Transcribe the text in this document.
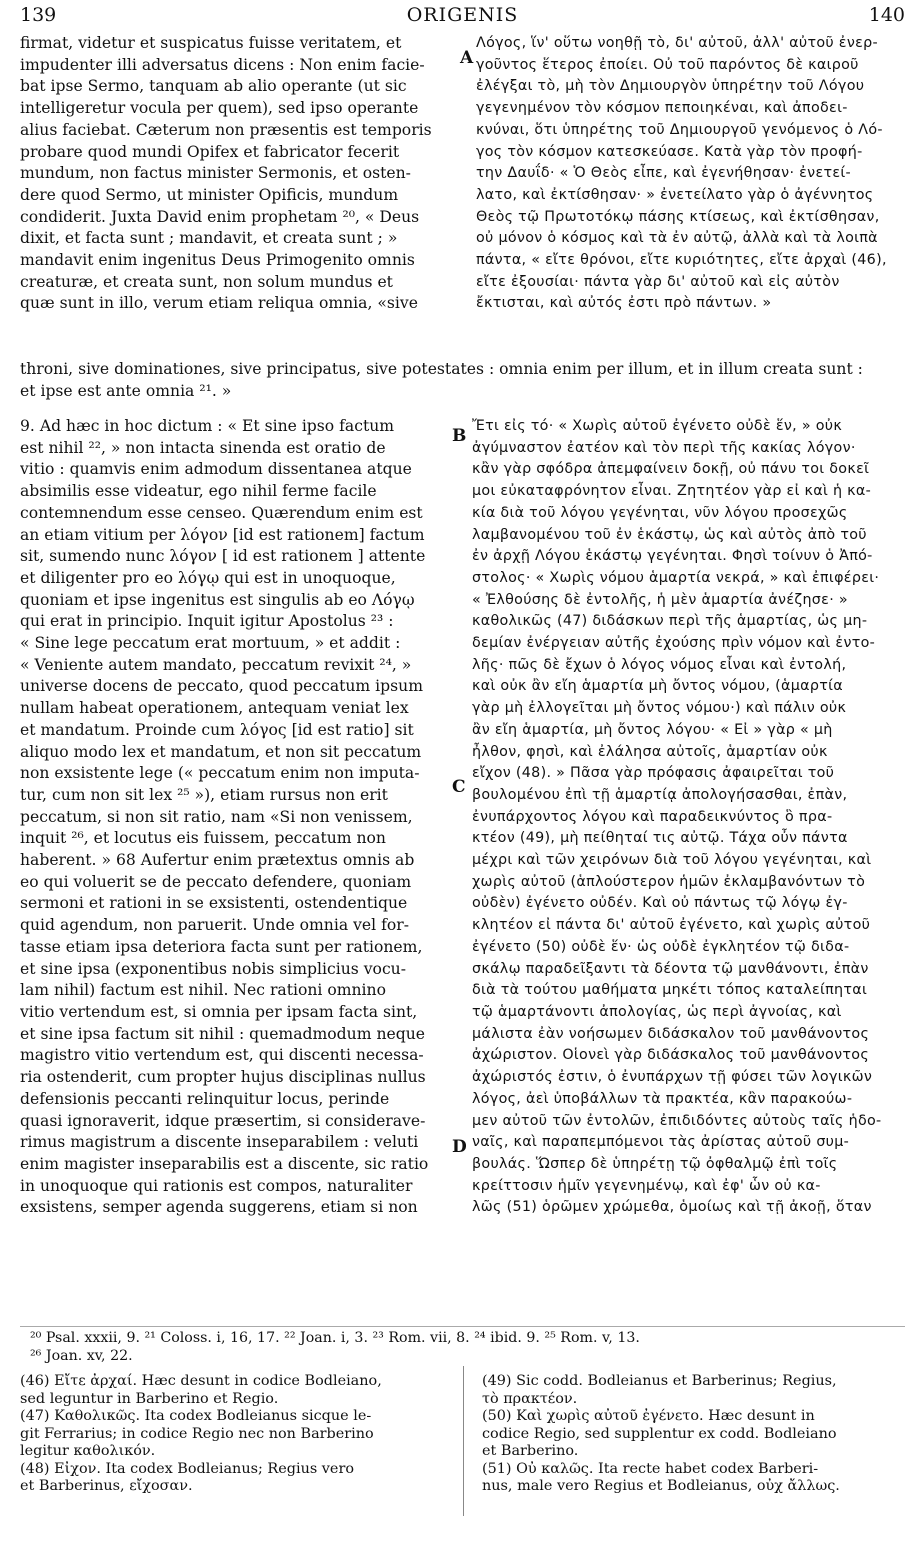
139	ORIGENIS	140
firmat, videtur et suspicatus fuisse veritatem, et
impudenter illi adversatus dicens : Non enim facie-
bat ipse Sermo, tanquam ab alio operante (ut sic
intelligeretur vocula per quem), sed ipso operante
alius faciebat. Cæterum non præsentis est temporis
probare quod mundi Opifex et fabricator fecerit
mundum, non factus minister Sermonis, et osten-
dere quod Sermo, ut minister Opificis, mundum
condiderit. Juxta David enim prophetam ²⁰, « Deus
dixit, et facta sunt ; mandavit, et creata sunt ; »
mandavit enim ingenitus Deus Primogenito omnis
creaturæ, et creata sunt, non solum mundus et
quæ sunt in illo, verum etiam reliqua omnia, «sive
Λόγος, ἵν' οὕτω νοηθῇ τὸ, δι' αὐτοῦ, ἀλλ' αὐτοῦ ἐνερ-
γοῦντος ἕτερος ἐποίει. Οὐ τοῦ παρόντος δὲ καιροῦ
ἐλέγξαι τὸ, μὴ τὸν Δημιουργὸν ὑπηρέτην τοῦ Λόγου
γεγενημένον τὸν κόσμον πεποιηκέναι, καὶ ἀποδει-
κνύναι, ὅτι ὑπηρέτης τοῦ Δημιουργοῦ γενόμενος ὁ Λό-
γος τὸν κόσμον κατεσκεύασε. Κατὰ γὰρ τὸν προφή-
την Δαυΐδ· « Ὁ Θεὸς εἶπε, καὶ ἐγενήθησαν· ἐνετεί-
λατο, καὶ ἐκτίσθησαν· » ἐνετείλατο γὰρ ὁ ἀγέννητος
Θεὸς τῷ Πρωτοτόκῳ πάσης κτίσεως, καὶ ἐκτίσθησαν,
οὐ μόνον ὁ κόσμος καὶ τὰ ἐν αὐτῷ, ἀλλὰ καὶ τὰ λοιπὰ
πάντα, « εἴτε θρόνοι, εἴτε κυριότητες, εἴτε ἀρχαὶ (46),
εἴτε ἐξουσίαι· πάντα γὰρ δι' αὐτοῦ καὶ εἰς αὐτὸν
ἔκτισται, καὶ αὐτός ἐστι πρὸ πάντων. »
throni, sive dominationes, sive principatus, sive potestates : omnia enim per illum, et in illum creata sunt :
et ipse est ante omnia ²¹. »
9. Ad hæc in hoc dictum : « Et sine ipso factum
est nihil ²², » non intacta sinenda est oratio de
vitio : quamvis enim admodum dissentanea atque
absimilis esse videatur, ego nihil ferme facile
contemnendum esse censeo. Quærendum enim est
an etiam vitium per λόγον [id est rationem] factum
sit, sumendo nunc λόγον [ id est rationem ] attente
et diligenter pro eo λόγῳ qui est in unoquoque,
quoniam et ipse ingenitus est singulis ab eo Λόγῳ
qui erat in principio. Inquit igitur Apostolus ²³ :
« Sine lege peccatum erat mortuum, » et addit :
« Veniente autem mandato, peccatum revixit ²⁴, »
universe docens de peccato, quod peccatum ipsum
nullam habeat operationem, antequam veniat lex
et mandatum. Proinde cum λόγος [id est ratio] sit
aliquo modo lex et mandatum, et non sit peccatum
non exsistente lege (« peccatum enim non imputa-
tur, cum non sit lex ²⁵ »), etiam rursus non erit
peccatum, si non sit ratio, nam «Si non venissem,
inquit ²⁶, et locutus eis fuissem, peccatum non
haberent. » 68 Aufertur enim prætextus omnis ab
eo qui voluerit se de peccato defendere, quoniam
sermoni et rationi in se exsistenti, ostendentique
quid agendum, non paruerit. Unde omnia vel for-
tasse etiam ipsa deteriora facta sunt per rationem,
et sine ipsa (exponentibus nobis simplicius vocu-
lam nihil) factum est nihil. Nec rationi omnino
vitio vertendum est, si omnia per ipsam facta sint,
et sine ipsa factum sit nihil : quemadmodum neque
magistro vitio vertendum est, qui discenti necessa-
ria ostenderit, cum propter hujus disciplinas nullus
defensionis peccanti relinquitur locus, perinde
quasi ignoraverit, idque præsertim, si considerave-
rimus magistrum a discente inseparabilem : veluti
enim magister inseparabilis est a discente, sic ratio
in unoquoque qui rationis est compos, naturaliter
exsistens, semper agenda suggerens, etiam si non
Ἔτι εἰς τό· « Χωρὶς αὐτοῦ ἐγένετο οὐδὲ ἕν, » οὐκ
ἀγύμναστον ἐατέον καὶ τὸν περὶ τῆς κακίας λόγον·
κἂν γὰρ σφόδρα ἀπεμφαίνειν δοκῇ, οὐ πάνυ τοι δοκεῖ
μοι εὐκαταφρόνητον εἶναι. Ζητητέον γὰρ εἰ καὶ ἡ κα-
κία διὰ τοῦ λόγου γεγένηται, νῦν λόγου προσεχῶς
λαμβανομένου τοῦ ἐν ἑκάστῳ, ὡς καὶ αὐτὸς ἀπὸ τοῦ
ἐν ἀρχῇ Λόγου ἑκάστῳ γεγένηται. Φησὶ τοίνυν ὁ Ἀπό-
στολος· « Χωρὶς νόμου ἁμαρτία νεκρά, » καὶ ἐπιφέρει·
« Ἐλθούσης δὲ ἐντολῆς, ἡ μὲν ἁμαρτία ἀνέζησε· »
καθολικῶς (47) διδάσκων περὶ τῆς ἁμαρτίας, ὡς μη-
δεμίαν ἐνέργειαν αὐτῆς ἐχούσης πρὶν νόμον καὶ ἐντο-
λῆς· πῶς δὲ ἔχων ὁ λόγος νόμος εἶναι καὶ ἐντολή,
καὶ οὐκ ἂν εἴη ἁμαρτία μὴ ὄντος νόμου, (ἁμαρτία
γὰρ μὴ ἐλλογεῖται μὴ ὄντος νόμου·) καὶ πάλιν οὐκ
ἂν εἴη ἁμαρτία, μὴ ὄντος λόγου· « Εἰ » γὰρ « μὴ
ἦλθον, φησὶ, καὶ ἐλάλησα αὐτοῖς, ἁμαρτίαν οὐκ
εἴχον (48). » Πᾶσα γὰρ πρόφασις ἀφαιρεῖται τοῦ
βουλομένου ἐπὶ τῇ ἁμαρτίᾳ ἀπολογήσασθαι, ἐπὰν,
ἐνυπάρχοντος λόγου καὶ παραδεικνύντος ὃ πρα-
κτέον (49), μὴ πείθηταί τις αὐτῷ. Τάχα οὖν πάντα
μέχρι καὶ τῶν χειρόνων διὰ τοῦ λόγου γεγένηται, καὶ
χωρὶς αὐτοῦ (ἁπλούστερον ἡμῶν ἐκλαμβανόντων τὸ
οὐδὲν) ἐγένετο οὐδέν. Καὶ οὐ πάντως τῷ λόγῳ ἐγ-
κλητέον εἰ πάντα δι' αὐτοῦ ἐγένετο, καὶ χωρὶς αὐτοῦ
ἐγένετο (50) οὐδὲ ἕν· ὡς οὐδὲ ἐγκλητέον τῷ διδα-
σκάλῳ παραδεῖξαντι τὰ δέοντα τῷ μανθάνοντι, ἐπὰν
διὰ τὰ τούτου μαθήματα μηκέτι τόπος καταλείπηται
τῷ ἁμαρτάνοντι ἀπολογίας, ὡς περὶ ἀγνοίας, καὶ
μάλιστα ἐὰν νοήσωμεν διδάσκαλον τοῦ μανθάνοντος
ἀχώριστον. Οἱονεὶ γὰρ διδάσκαλος τοῦ μανθάνοντος
ἀχώριστός ἐστιν, ὁ ἐνυπάρχων τῇ φύσει τῶν λογικῶν
λόγος, ἀεὶ ὑποβάλλων τὰ πρακτέα, κἂν παρακούω-
μεν αὐτοῦ τῶν ἐντολῶν, ἐπιδιδόντες αὐτοὺς ταῖς ἡδο-
ναῖς, καὶ παραπεμπόμενοι τὰς ἀρίστας αὐτοῦ συμ-
βουλάς. Ὥσπερ δὲ ὑπηρέτῃ τῷ ὀφθαλμῷ ἐπὶ τοῖς
κρείττοσιν ἡμῖν γεγενημένῳ, καὶ ἐφ' ὧν οὐ κα-
λῶς (51) ὁρῶμεν χρώμεθα, ὁμοίως καὶ τῇ ἀκοῇ, ὅταν
A
B
C
D
²⁰ Psal. xxxii, 9. ²¹ Coloss. i, 16, 17. ²² Joan. i, 3. ²³ Rom. vii, 8. ²⁴ ibid. 9. ²⁵ Rom. v, 13.
²⁶ Joan. xv, 22.
(46) Εἴτε ἀρχαί. Hæc desunt in codice Bodleiano,
sed leguntur in Barberino et Regio.
(47) Καθολικῶς. Ita codex Bodleianus sicque le-
git Ferrarius; in codice Regio nec non Barberino
legitur καθολικόν.
(48) Εἶχον. Ita codex Bodleianus; Regius vero
et Barberinus, εἴχοσαν.
(49) Sic codd. Bodleianus et Barberinus; Regius,
τὸ πρακτέον.
(50) Καὶ χωρὶς αὐτοῦ ἐγένετο. Hæc desunt in
codice Regio, sed supplentur ex codd. Bodleiano
et Barberino.
(51) Οὐ καλῶς. Ita recte habet codex Barberi-
nus, male vero Regius et Bodleianus, οὐχ ἄλλως.
